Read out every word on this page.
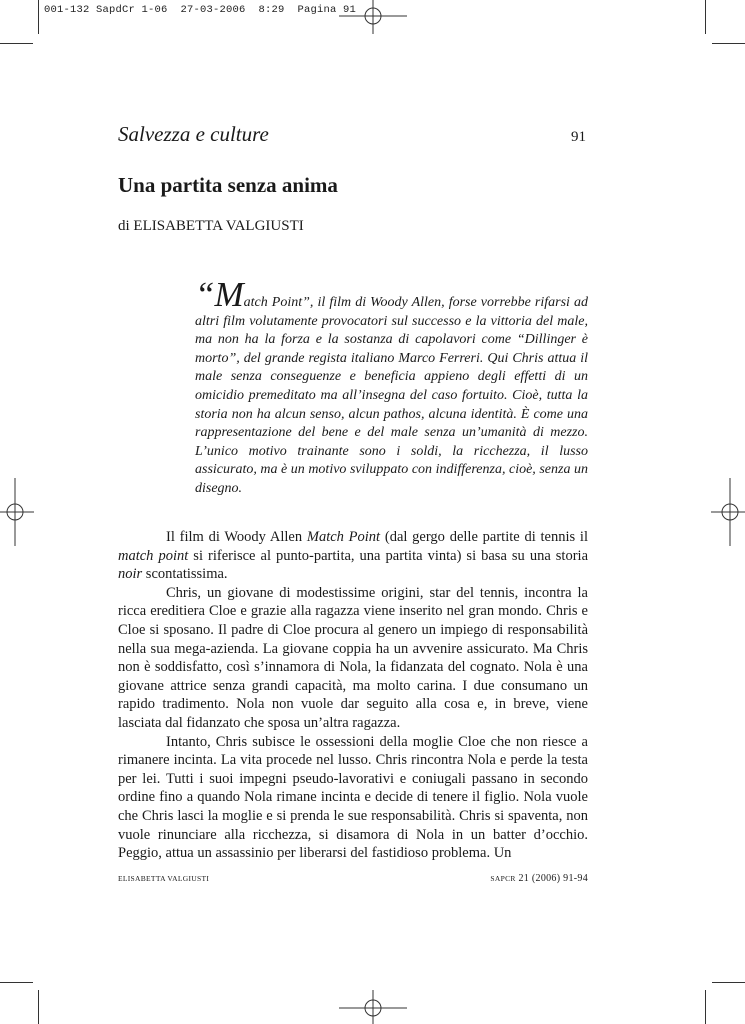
001-132 SapdCr 1-06  27-03-2006  8:29  Pagina 91
Salvezza e culture	91
Una partita senza anima
di ELISABETTA VALGIUSTI

“Match Point”, il film di Woody Allen, forse vorrebbe rifarsi ad altri film volutamente provocatori sul successo e la vittoria del male, ma non ha la forza e la sostanza di capolavori come “Dillinger è morto”, del grande regista italiano Marco Ferreri. Qui Chris attua il male senza conseguenze e beneficia appieno degli effetti di un omicidio premeditato ma all’insegna del caso fortuito. Cioè, tutta la storia non ha alcun senso, alcun pathos, alcuna identità. È come una rappresentazione del bene e del male senza un’umanità di mezzo. L’unico motivo trainante sono i soldi, la ricchezza, il lusso assicurato, ma è un motivo sviluppato con indifferenza, cioè, senza un disegno.

Il film di Woody Allen Match Point (dal gergo delle partite di tennis il match point si riferisce al punto-partita, una partita vinta) si basa su una storia noir scontatissima.

Chris, un giovane di modestissime origini, star del tennis, incontra la ricca ereditiera Cloe e grazie alla ragazza viene inserito nel gran mondo. Chris e Cloe si sposano. Il padre di Cloe procura al genero un impiego di responsabilità nella sua mega-azienda. La giovane coppia ha un avvenire assicurato. Ma Chris non è soddisfatto, così s’innamora di Nola, la fidanzata del cognato. Nola è una giovane attrice senza grandi capacità, ma molto carina. I due consumano un rapido tradimento. Nola non vuole dar seguito alla cosa e, in breve, viene lasciata dal fidanzato che sposa un’altra ragazza.

Intanto, Chris subisce le ossessioni della moglie Cloe che non riesce a rimanere incinta. La vita procede nel lusso. Chris rincontra Nola e perde la testa per lei. Tutti i suoi impegni pseudo-lavorativi e coniugali passano in secondo ordine fino a quando Nola rimane incinta e decide di tenere il figlio. Nola vuole che Chris lasci la moglie e si prenda le sue responsabilità. Chris si spaventa, non vuole rinunciare alla ricchezza, si disamora di Nola in un batter d’occhio. Peggio, attua un assassinio per liberarsi del fastidioso problema. Un

ELISABETTA VALGIUSTI	SAPCR 21 (2006) 91-94
